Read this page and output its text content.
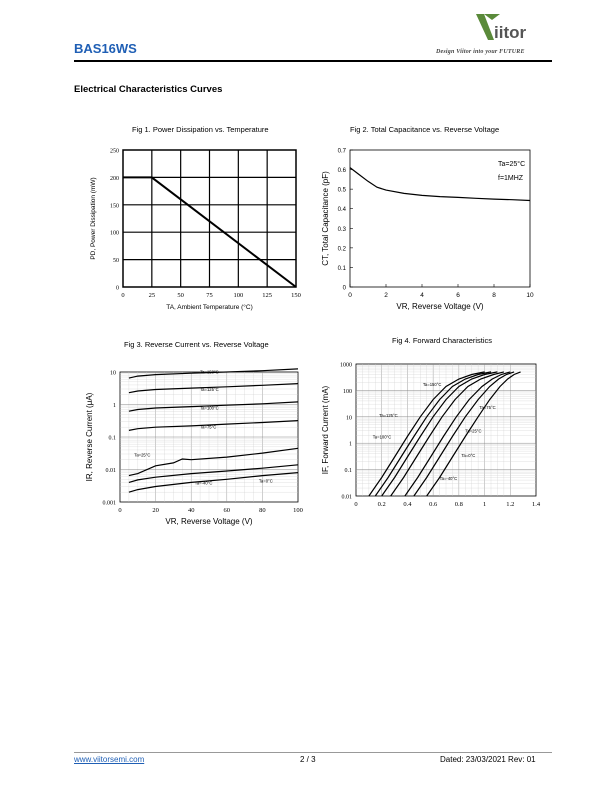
BAS16WS
iitor
Design Viitor into your FUTURE
Electrical Characteristics Curves
Fig 1. Power Dissipation vs. Temperature
0	25	50	75	100	125	150
0
50
100
150
200
250
TA, Ambient Temperature (°C)
PD, Power Dissipation (mW)
Fig 2. Total Capacitance vs. Reverse Voltage
0	2	4	6	8	10
0
0.1
0.2
0.3
0.4
0.5
0.6
0.7
VR, Reverse Voltage (V)
CT, Total Capacitance (pF)
Ta=25°C
f=1MHZ
Fig 3. Reverse Current vs. Reverse Voltage
0	20	40	60	80	100
0.001
0.01
0.1
1
10
VR, Reverse Voltage (V)
IR, Reverse Current (μA)
Ta=150°C
Ta=125°C
Ta=100°C
Ta=75°C
Ta=25°C
Ta=0°C
Ta=-40°C
Fig 4. Forward Characteristics
0	0.2	0.4	0.6	0.8	1	1.2	1.4
0.01
0.1
1
10
100
1000
IF, Forward Current (mA)
Ta=150°C
Ta=125°C
Ta=100°C
Ta=75°C
Ta=25°C
Ta=0°C
Ta=-40°C
www.viitorsemi.com	2 / 3	Dated: 23/03/2021 Rev: 01
